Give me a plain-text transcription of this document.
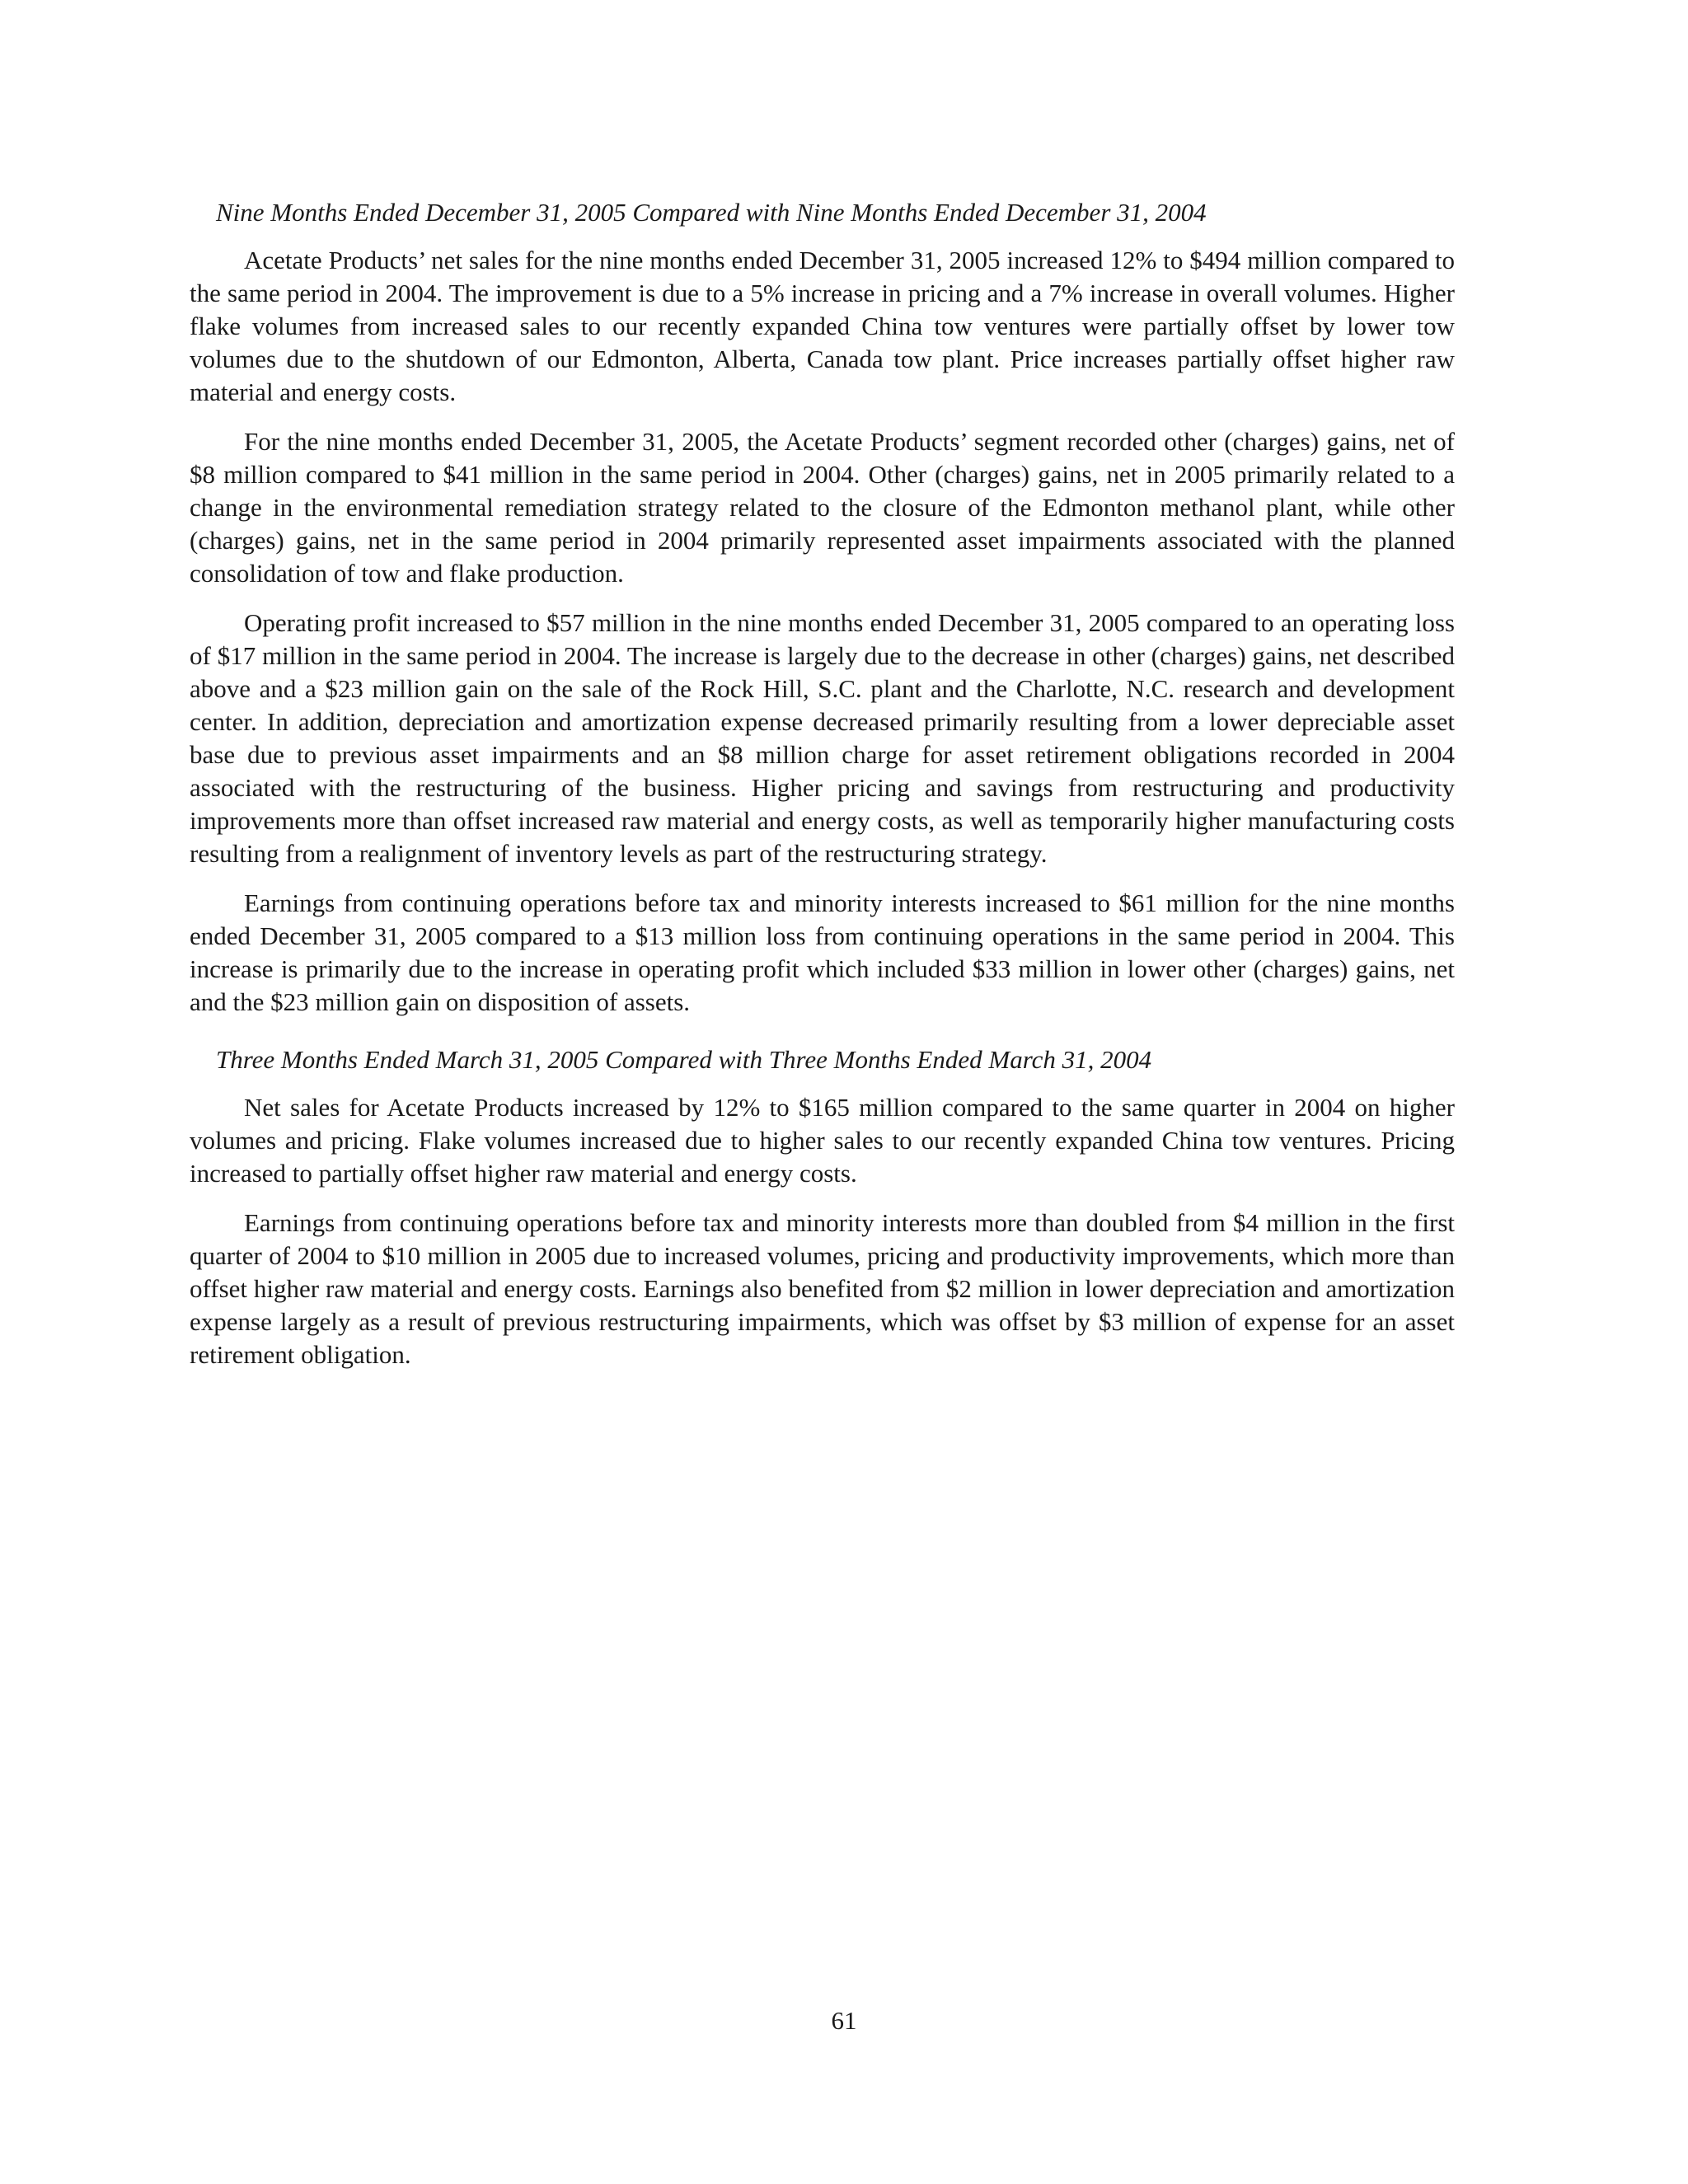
Nine Months Ended December 31, 2005 Compared with Nine Months Ended December 31, 2004

Acetate Products’ net sales for the nine months ended December 31, 2005 increased 12% to $494 million compared to the same period in 2004. The improvement is due to a 5% increase in pricing and a 7% increase in overall volumes. Higher flake volumes from increased sales to our recently expanded China tow ventures were partially offset by lower tow volumes due to the shutdown of our Edmonton, Alberta, Canada tow plant. Price increases partially offset higher raw material and energy costs.

For the nine months ended December 31, 2005, the Acetate Products’ segment recorded other (charges) gains, net of $8 million compared to $41 million in the same period in 2004. Other (charges) gains, net in 2005 primarily related to a change in the environmental remediation strategy related to the closure of the Edmonton methanol plant, while other (charges) gains, net in the same period in 2004 primarily represented asset impairments associated with the planned consolidation of tow and flake production.

Operating profit increased to $57 million in the nine months ended December 31, 2005 compared to an operating loss of $17 million in the same period in 2004. The increase is largely due to the decrease in other (charges) gains, net described above and a $23 million gain on the sale of the Rock Hill, S.C. plant and the Charlotte, N.C. research and development center. In addition, depreciation and amortization expense decreased primarily resulting from a lower depreciable asset base due to previous asset impairments and an $8 million charge for asset retirement obligations recorded in 2004 associated with the restructuring of the business. Higher pricing and savings from restructuring and productivity improvements more than offset increased raw material and energy costs, as well as temporarily higher manufacturing costs resulting from a realignment of inventory levels as part of the restructuring strategy.

Earnings from continuing operations before tax and minority interests increased to $61 million for the nine months ended December 31, 2005 compared to a $13 million loss from continuing operations in the same period in 2004. This increase is primarily due to the increase in operating profit which included $33 million in lower other (charges) gains, net and the $23 million gain on disposition of assets.

Three Months Ended March 31, 2005 Compared with Three Months Ended March 31, 2004

Net sales for Acetate Products increased by 12% to $165 million compared to the same quarter in 2004 on higher volumes and pricing. Flake volumes increased due to higher sales to our recently expanded China tow ventures. Pricing increased to partially offset higher raw material and energy costs.

Earnings from continuing operations before tax and minority interests more than doubled from $4 million in the first quarter of 2004 to $10 million in 2005 due to increased volumes, pricing and productivity improvements, which more than offset higher raw material and energy costs. Earnings also benefited from $2 million in lower depreciation and amortization expense largely as a result of previous restructuring impairments, which was offset by $3 million of expense for an asset retirement obligation.

61
